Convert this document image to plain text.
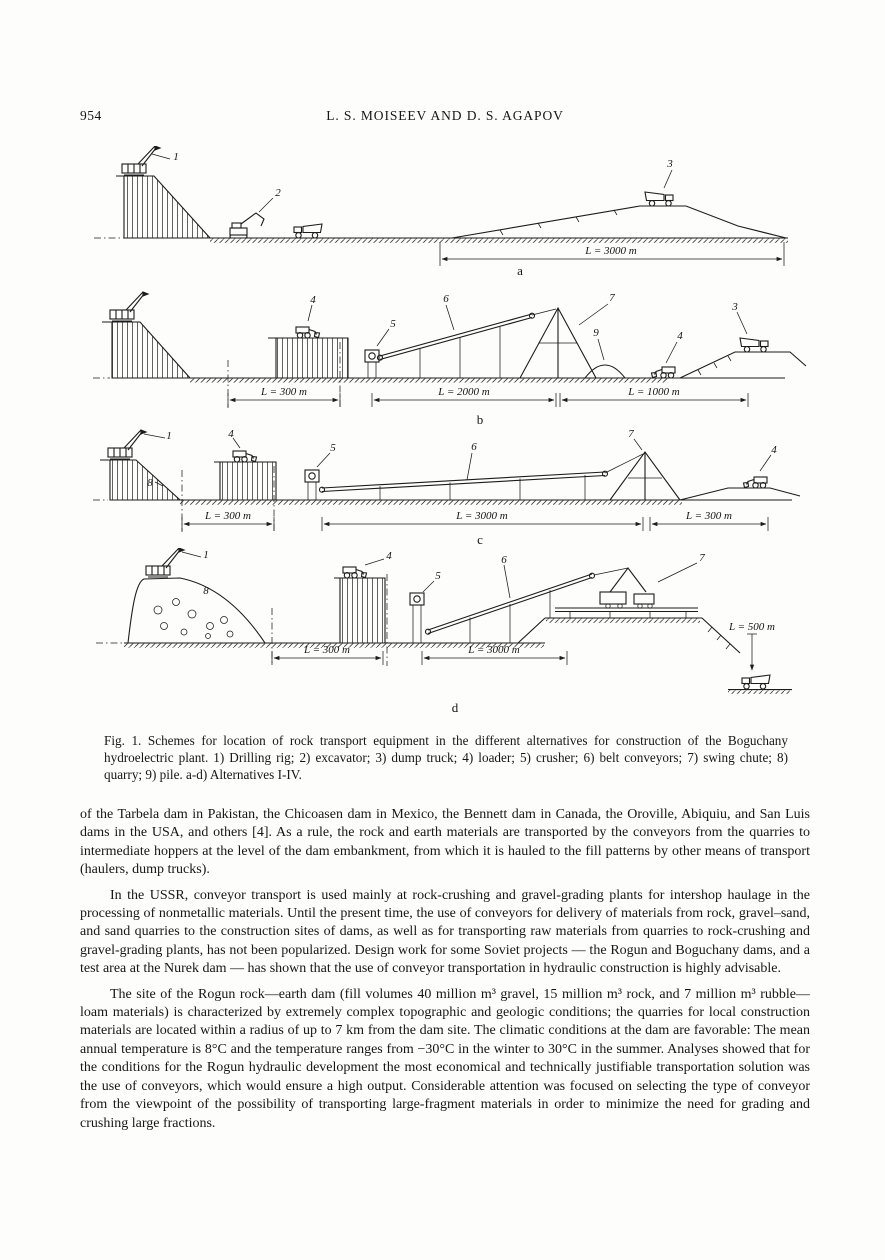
954	L. S. MOISEEV AND D. S. AGAPOV
1
2
3
L = 3000 m
a
4
5
6	7
9	4
3
L = 300 m	L = 2000 m	L = 1000 m
b
1
8
4
5	6
7
4
L = 300 m	L = 3000 m	L = 300 m
c
1
8
4
5
6	7
L = 300 m	L = 3000 m
L = 500 m
d
Fig. 1. Schemes for location of rock transport equipment in the different alternatives for construction of the Boguchany hydroelectric plant. 1) Drilling rig; 2) excavator; 3) dump truck; 4) loader; 5) crusher; 6) belt conveyors; 7) swing chute; 8) quarry; 9) pile. a-d) Alternatives I-IV.

of the Tarbela dam in Pakistan, the Chicoasen dam in Mexico, the Bennett dam in Canada, the Oroville, Abiquiu, and San Luis dams in the USA, and others [4]. As a rule, the rock and earth materials are transported by the conveyors from the quarries to intermediate hoppers at the level of the dam embankment, from which it is hauled to the fill patterns by other means of transport (haulers, dump trucks).

In the USSR, conveyor transport is used mainly at rock-crushing and gravel-grading plants for intershop haulage in the processing of nonmetallic materials. Until the present time, the use of conveyors for delivery of materials from rock, gravel–sand, and sand quarries to the construction sites of dams, as well as for transporting raw materials from quarries to rock-crushing and gravel-grading plants, has not been popularized. Design work for some Soviet projects — the Rogun and Boguchany dams, and a test area at the Nurek dam — has shown that the use of conveyor transportation in hydraulic construction is highly advisable.

The site of the Rogun rock—earth dam (fill volumes 40 million m³ gravel, 15 million m³ rock, and 7 million m³ rubble—loam materials) is characterized by extremely complex topographic and geologic conditions; the quarries for local construction materials are located within a radius of up to 7 km from the dam site. The climatic conditions at the dam are favorable: The mean annual temperature is 8°C and the temperature ranges from −30°C in the winter to 30°C in the summer. Analyses showed that for the conditions for the Rogun hydraulic development the most economical and technically justifiable transportation solution was the use of conveyors, which would ensure a high output. Considerable attention was focused on selecting the type of conveyor from the viewpoint of the possibility of transporting large-fragment materials in order to minimize the need for grading and crushing large fractions.
